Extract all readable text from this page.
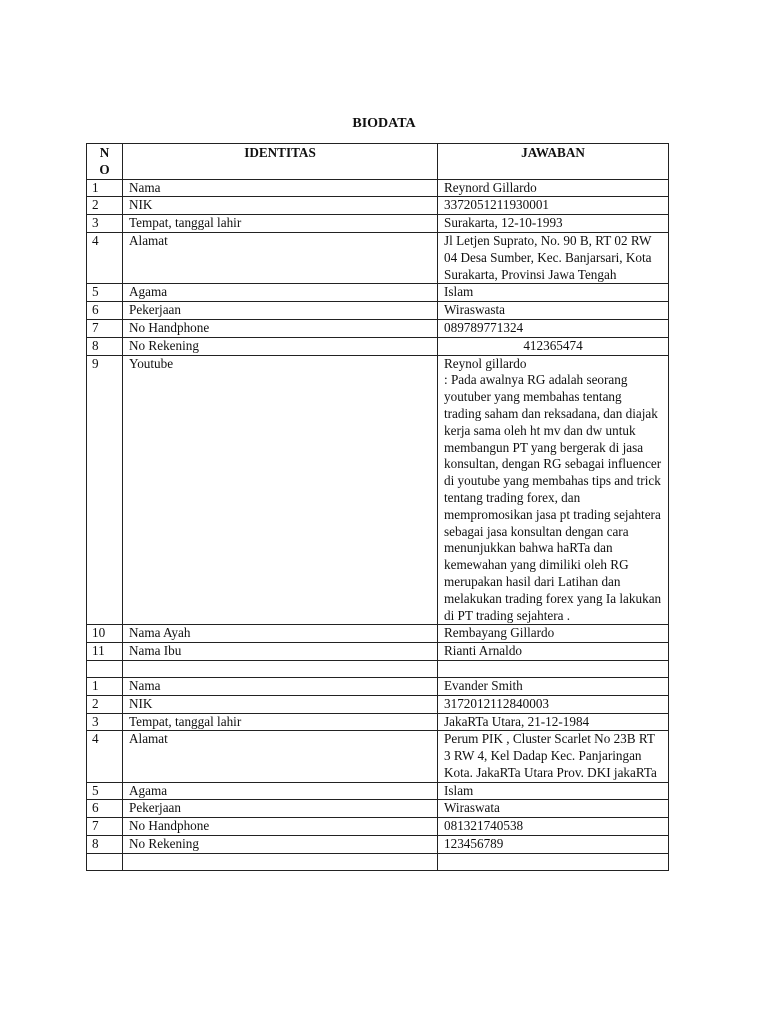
BIODATA
NO	IDENTITAS	JAWABAN
1	Nama	Reynord Gillardo
2	NIK	3372051211930001
3	Tempat, tanggal lahir	Surakarta, 12-10-1993
4	Alamat	Jl Letjen Suprato, No. 90 B, RT 02 RW 04 Desa Sumber, Kec. Banjarsari, Kota Surakarta, Provinsi Jawa Tengah
5	Agama	Islam
6	Pekerjaan	Wiraswasta
7	No Handphone	089789771324
8	No Rekening	412365474
9	Youtube	Reynol gillardo
: Pada awalnya RG adalah seorang youtuber yang membahas tentang trading saham dan reksadana, dan diajak kerja sama oleh ht mv dan dw untuk membangun PT yang bergerak di jasa konsultan, dengan RG sebagai influencer di youtube yang membahas tips and trick tentang trading forex, dan mempromosikan jasa pt trading sejahtera sebagai jasa konsultan dengan cara menunjukkan bahwa haRTa dan kemewahan yang dimiliki oleh RG merupakan hasil dari Latihan dan melakukan trading forex yang Ia lakukan di PT trading sejahtera .

10	Nama Ayah	Rembayang Gillardo
11	Nama Ibu	Rianti Arnaldo

1	Nama	Evander Smith
2	NIK	3172012112840003
3	Tempat, tanggal lahir	JakaRTa Utara, 21-12-1984
4	Alamat	Perum PIK , Cluster Scarlet No 23B RT 3 RW 4, Kel Dadap Kec. Panjaringan Kota. JakaRTa Utara Prov. DKI jakaRTa
5	Agama	Islam
6	Pekerjaan	Wiraswata
7	No Handphone	081321740538
8	No Rekening	123456789
